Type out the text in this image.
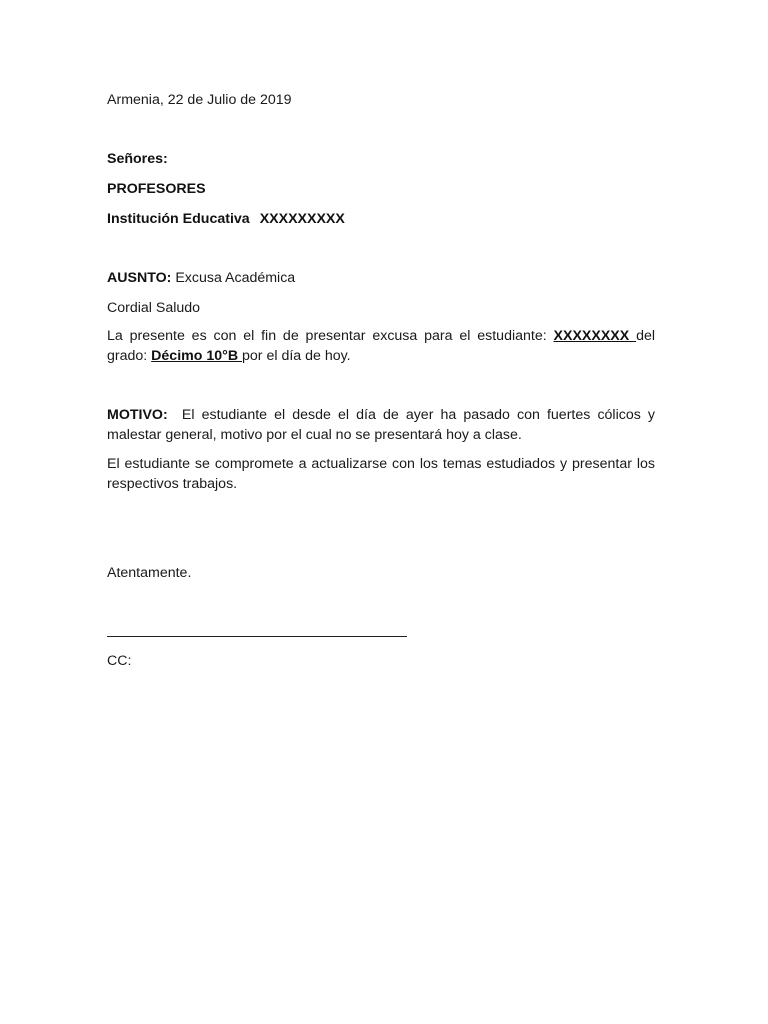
Armenia, 22 de Julio de 2019
Señores:
PROFESORES
Institución Educativa XXXXXXXXX
AUSNTO: Excusa Académica
Cordial Saludo
La presente es con el fin de presentar excusa para el estudiante: XXXXXXXX del grado: Décimo 10°B por el día de hoy.
MOTIVO: El estudiante el desde el día de ayer ha pasado con fuertes cólicos y malestar general, motivo por el cual no se presentará hoy a clase.
El estudiante se compromete a actualizarse con los temas estudiados y presentar los respectivos trabajos.
Atentamente.
CC:
